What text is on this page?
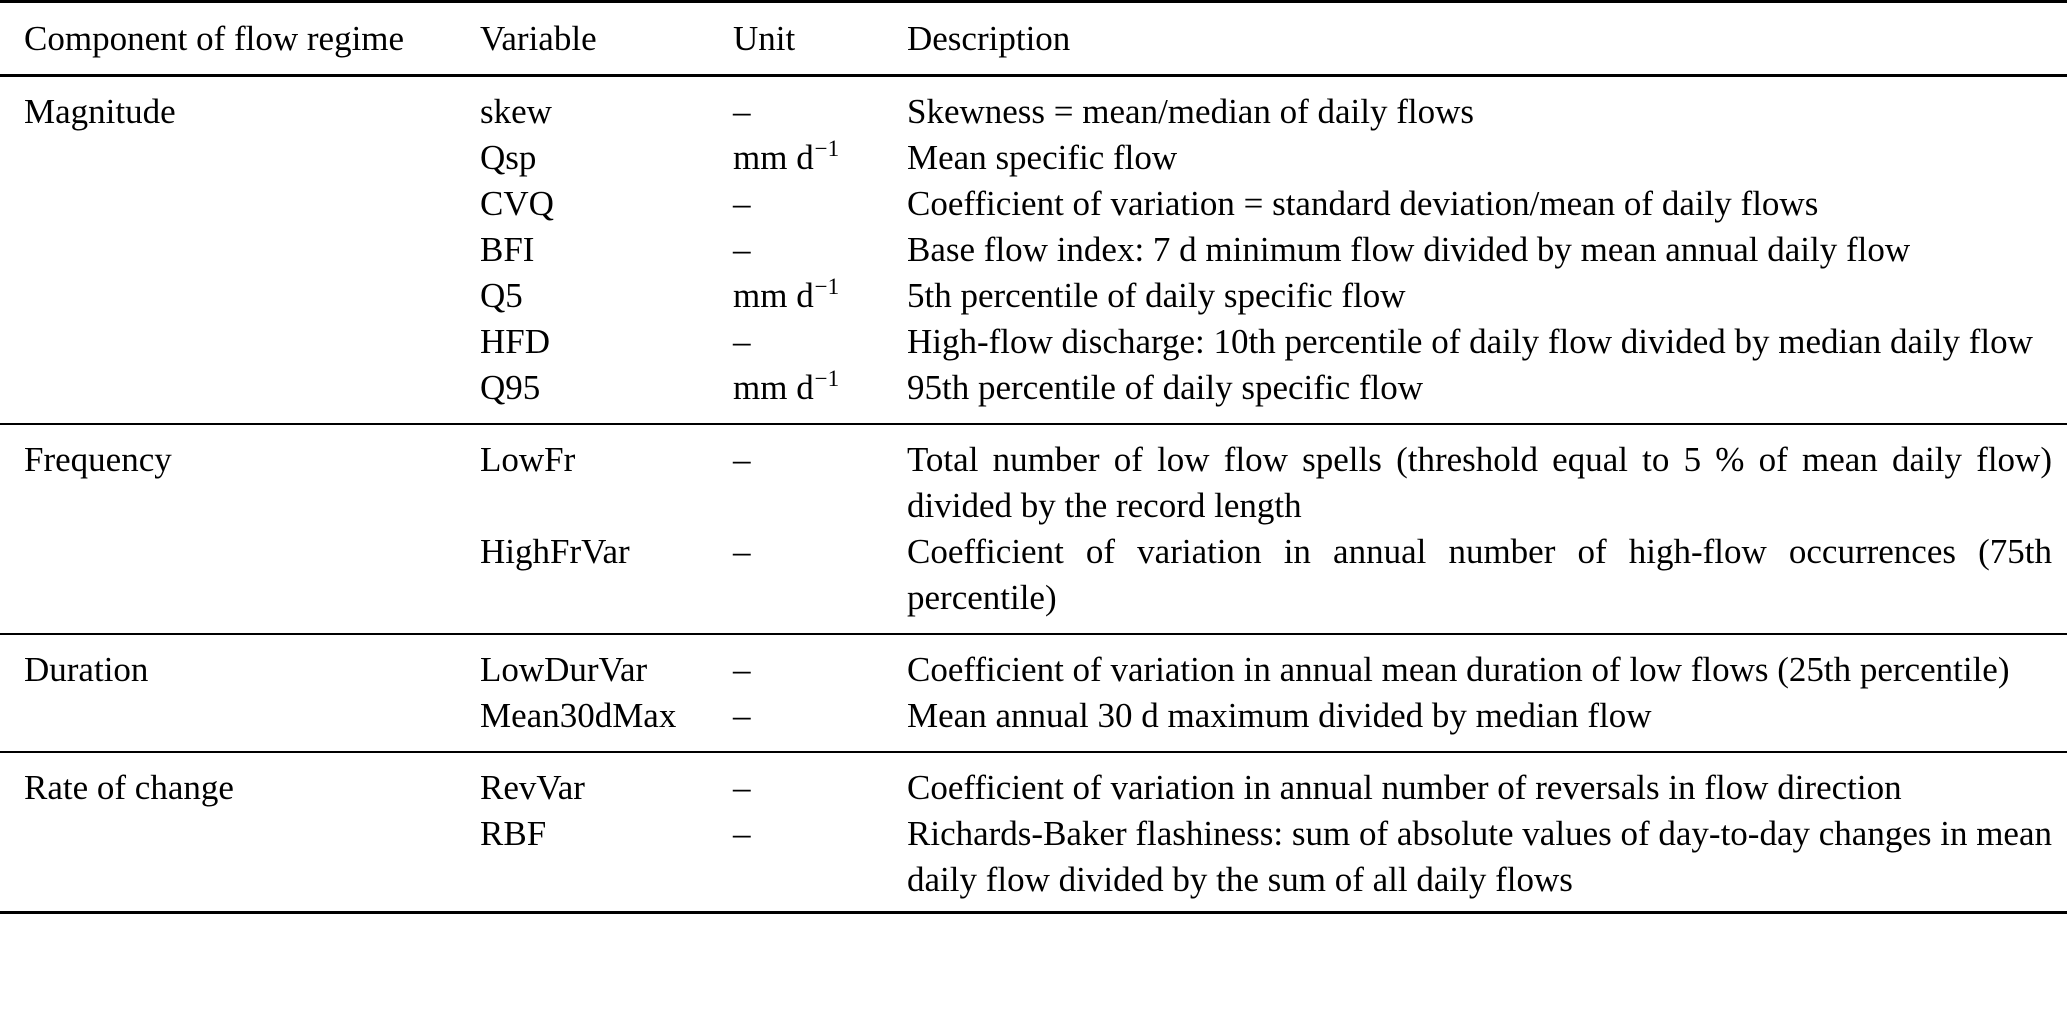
Component of flow regime	Variable	Unit	Description
Magnitude	skew	–	Skewness = mean/median of daily flows
	Qsp	mm $d^{-1}$	Mean specific flow
	CVQ	–	Coefficient of variation = standard deviation/mean of daily flows
	BFI	–	Base flow index: 7 d minimum flow divided by mean annual daily flow
	Q5	mm $d^{-1}$	5th percentile of daily specific flow
	HFD	–	High-flow discharge: 10th percentile of daily flow divided by median daily flow
	Q95	mm $d^{-1}$	95th percentile of daily specific flow
Frequency	LowFr	–	Total number of low flow spells (threshold equal to 5 % of mean daily flow) divided by the record length
	HighFrVar	–	Coefficient of variation in annual number of high-flow occurrences (75th percentile)
Duration	LowDurVar	–	Coefficient of variation in annual mean duration of low flows (25th percentile)
	Mean30dMax	–	Mean annual 30 d maximum divided by median flow
Rate of change	RevVar	–	Coefficient of variation in annual number of reversals in flow direction
	RBF	–	Richards-Baker flashiness: sum of absolute values of day-to-day changes in mean daily flow divided by the sum of all daily flows
